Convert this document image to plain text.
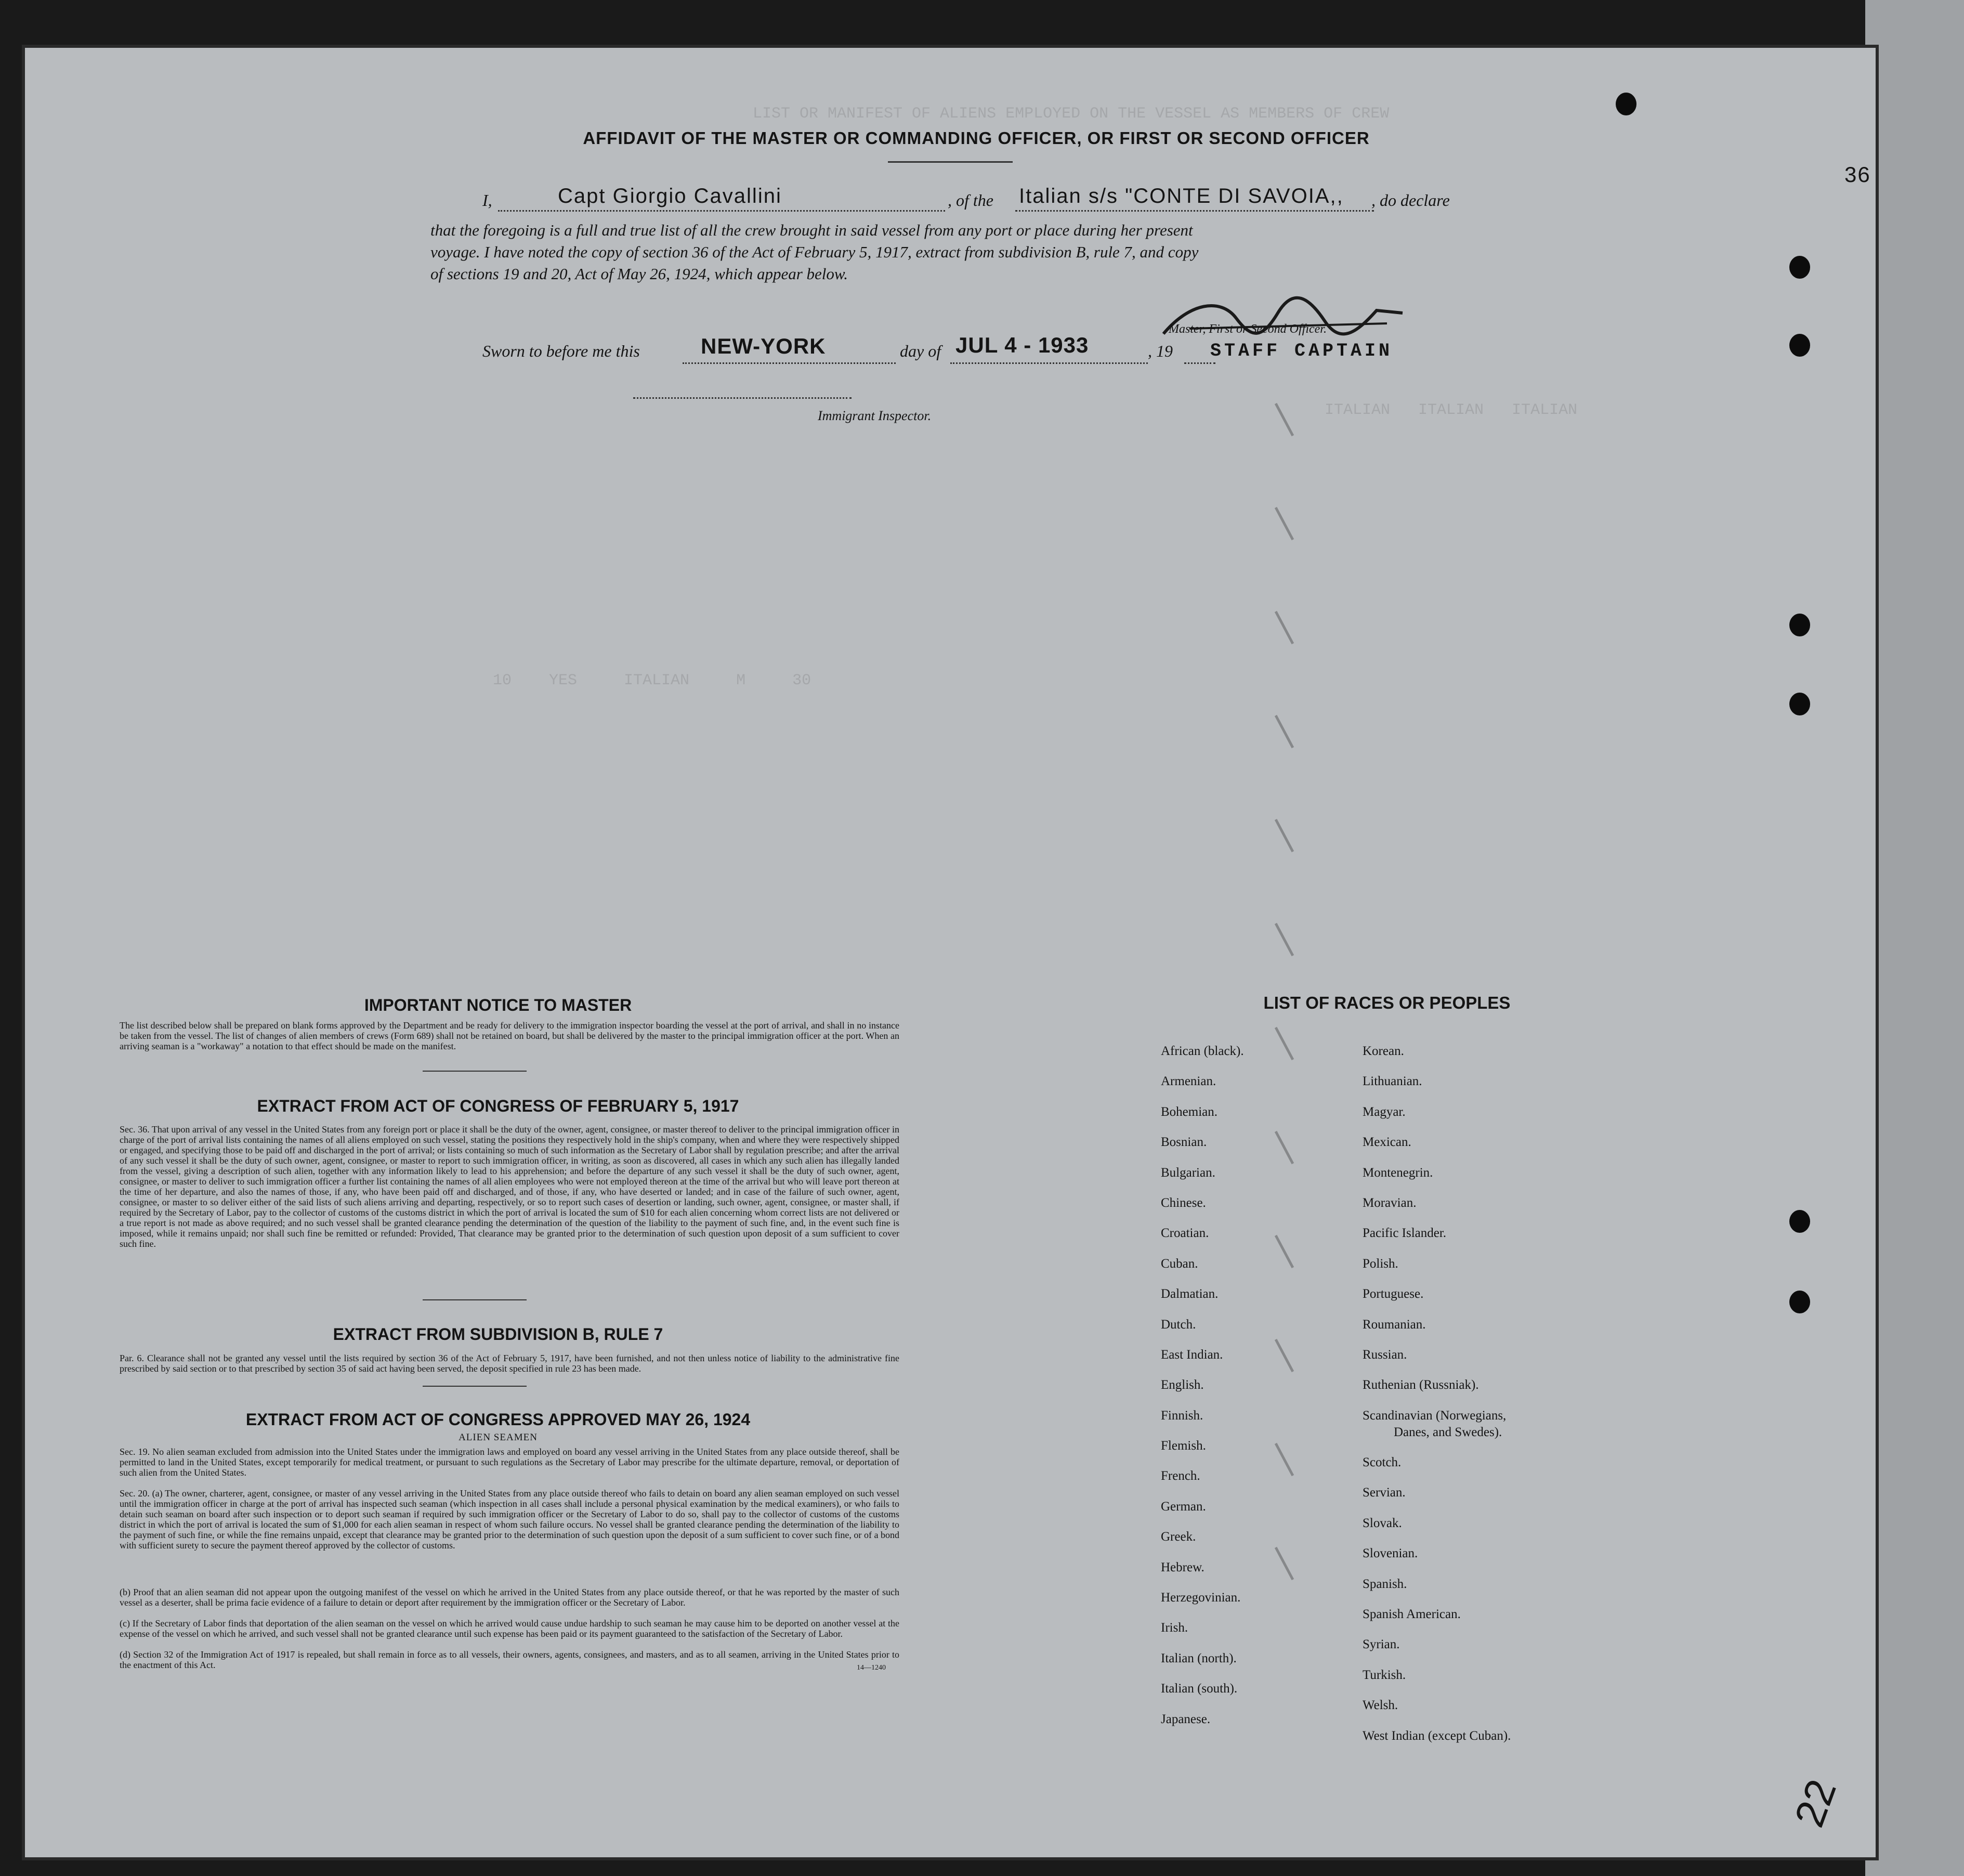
LIST OR MANIFEST OF ALIENS EMPLOYED ON THE VESSEL AS MEMBERS OF CREW
ITALIAN   ITALIAN   ITALIAN
10    YES     ITALIAN     M     30
36
AFFIDAVIT OF THE MASTER OR COMMANDING OFFICER, OR FIRST OR SECOND OFFICER
I,	Capt Giorgio Cavallini	, of the Italian s/s "CONTE DI SAVOIA,, , do declare
that the foregoing is a full and true list of all the crew brought in said vessel from any port or place during her present
voyage. I have noted the copy of section 36 of the Act of February 5, 1917, extract from subdivision B, rule 7, and copy
of sections 19 and 20, Act of May 26, 1924, which appear below.
Master, First or Second Officer.
Sworn to before me this	NEW-YORK	day of JUL 4 - 1933	, 19 STAFF CAPTAIN
Immigrant Inspector.
IMPORTANT NOTICE TO MASTER
The list described below shall be prepared on blank forms approved by the Department and be ready for delivery to the immigration inspector boarding the vessel at the port of arrival, and shall in no instance be taken from the vessel. The list of changes of alien members of crews (Form 689) shall not be retained on board, but shall be delivered by the master to the principal immigration officer at the port. When an arriving seaman is a "workaway" a notation to that effect should be made on the manifest.
EXTRACT FROM ACT OF CONGRESS OF FEBRUARY 5, 1917
Sec. 36. That upon arrival of any vessel in the United States from any foreign port or place it shall be the duty of the owner, agent, consignee, or master thereof to deliver to the principal immigration officer in charge of the port of arrival lists containing the names of all aliens employed on such vessel, stating the positions they respectively hold in the ship's company, when and where they were respectively shipped or engaged, and specifying those to be paid off and discharged in the port of arrival; or lists containing so much of such information as the Secretary of Labor shall by regulation prescribe; and after the arrival of any such vessel it shall be the duty of such owner, agent, consignee, or master to report to such immigration officer, in writing, as soon as discovered, all cases in which any such alien has illegally landed from the vessel, giving a description of such alien, together with any information likely to lead to his apprehension; and before the departure of any such vessel it shall be the duty of such owner, agent, consignee, or master to deliver to such immigration officer a further list containing the names of all alien employees who were not employed thereon at the time of the arrival but who will leave port thereon at the time of her departure, and also the names of those, if any, who have been paid off and discharged, and of those, if any, who have deserted or landed; and in case of the failure of such owner, agent, consignee, or master to so deliver either of the said lists of such aliens arriving and departing, respectively, or so to report such cases of desertion or landing, such owner, agent, consignee, or master shall, if required by the Secretary of Labor, pay to the collector of customs of the customs district in which the port of arrival is located the sum of $10 for each alien concerning whom correct lists are not delivered or a true report is not made as above required; and no such vessel shall be granted clearance pending the determination of the question of the liability to the payment of such fine, and, in the event such fine is imposed, while it remains unpaid; nor shall such fine be remitted or refunded: Provided, That clearance may be granted prior to the determination of such question upon deposit of a sum sufficient to cover such fine.
EXTRACT FROM SUBDIVISION B, RULE 7
Par. 6. Clearance shall not be granted any vessel until the lists required by section 36 of the Act of February 5, 1917, have been furnished, and not then unless notice of liability to the administrative fine prescribed by said section or to that prescribed by section 35 of said act having been served, the deposit specified in rule 23 has been made.
EXTRACT FROM ACT OF CONGRESS APPROVED MAY 26, 1924
ALIEN SEAMEN
Sec. 19. No alien seaman excluded from admission into the United States under the immigration laws and employed on board any vessel arriving in the United States from any place outside thereof, shall be permitted to land in the United States, except temporarily for medical treatment, or pursuant to such regulations as the Secretary of Labor may prescribe for the ultimate departure, removal, or deportation of such alien from the United States.
Sec. 20. (a) The owner, charterer, agent, consignee, or master of any vessel arriving in the United States from any place outside thereof who fails to detain on board any alien seaman employed on such vessel until the immigration officer in charge at the port of arrival has inspected such seaman (which inspection in all cases shall include a personal physical examination by the medical examiners), or who fails to detain such seaman on board after such inspection or to deport such seaman if required by such immigration officer or the Secretary of Labor to do so, shall pay to the collector of customs of the customs district in which the port of arrival is located the sum of $1,000 for each alien seaman in respect of whom such failure occurs. No vessel shall be granted clearance pending the determination of the liability to the payment of such fine, or while the fine remains unpaid, except that clearance may be granted prior to the determination of such question upon the deposit of a sum sufficient to cover such fine, or of a bond with sufficient surety to secure the payment thereof approved by the collector of customs.
(b) Proof that an alien seaman did not appear upon the outgoing manifest of the vessel on which he arrived in the United States from any place outside thereof, or that he was reported by the master of such vessel as a deserter, shall be prima facie evidence of a failure to detain or deport after requirement by the immigration officer or the Secretary of Labor.
(c) If the Secretary of Labor finds that deportation of the alien seaman on the vessel on which he arrived would cause undue hardship to such seaman he may cause him to be deported on another vessel at the expense of the vessel on which he arrived, and such vessel shall not be granted clearance until such expense has been paid or its payment guaranteed to the satisfaction of the Secretary of Labor.
(d) Section 32 of the Immigration Act of 1917 is repealed, but shall remain in force as to all vessels, their owners, agents, consignees, and masters, and as to all seamen, arriving in the United States prior to the enactment of this Act.	14—1240
LIST OF RACES OR PEOPLES
African (black).
Armenian.
Bohemian.
Bosnian.
Bulgarian.
Chinese.
Croatian.
Cuban.
Dalmatian.
Dutch.
East Indian.
English.
Finnish.
Flemish.
French.
German.
Greek.
Hebrew.
Herzegovinian.
Irish.
Italian (north).
Italian (south).
Japanese.
Korean.
Lithuanian.
Magyar.
Mexican.
Montenegrin.
Moravian.
Pacific Islander.
Polish.
Portuguese.
Roumanian.
Russian.
Ruthenian (Russniak).
Scandinavian (Norwegians,
Danes, and Swedes).
Scotch.
Servian.
Slovak.
Slovenian.
Spanish.
Spanish American.
Syrian.
Turkish.
Welsh.
West Indian (except Cuban).
22
